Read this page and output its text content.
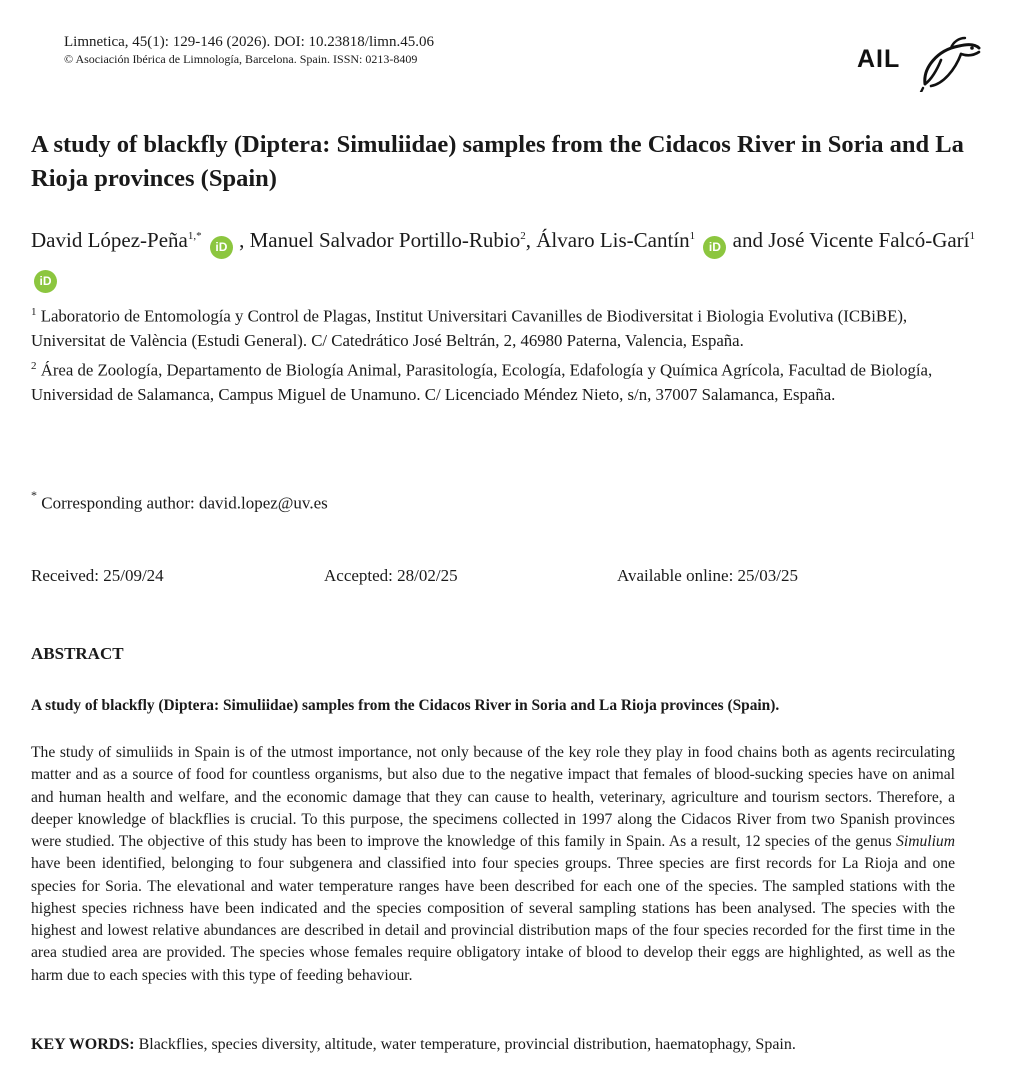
Limnetica, 45(1): 129-146 (2026). DOI: 10.23818/limn.45.06
© Asociación Ibérica de Limnología, Barcelona. Spain. ISSN: 0213-8409	AIL
A study of blackfly (Diptera: Simuliidae) samples from the Cidacos River in Soria and La Rioja provinces (Spain)
David López-Peña$^{1,*}$ iD , Manuel Salvador Portillo-Rubio$^2$, Álvaro Lis-Cantín$^1$ iD and José Vicente Falcó-Garí$^1$ iD

$^1$ Laboratorio de Entomología y Control de Plagas, Institut Universitari Cavanilles de Biodiversitat i Biologia Evolutiva (ICBiBE), Universitat de València (Estudi General). C/ Catedrático José Beltrán, 2, 46980 Paterna, Valencia, España.

$^2$ Área de Zoología, Departamento de Biología Animal, Parasitología, Ecología, Edafología y Química Agrícola, Facultad de Biología, Universidad de Salamanca, Campus Miguel de Unamuno. C/ Licenciado Méndez Nieto, s/n, 37007 Salamanca, España.

* Corresponding author: david.lopez@uv.es
Received: 25/09/24	Accepted: 28/02/25	Available online: 25/03/25
ABSTRACT
A study of blackfly (Diptera: Simuliidae) samples from the Cidacos River in Soria and La Rioja provinces (Spain).

The study of simuliids in Spain is of the utmost importance, not only because of the key role they play in food chains both as agents recirculating matter and as a source of food for countless organisms, but also due to the negative impact that females of blood-sucking species have on animal and human health and welfare, and the economic damage that they can cause to health, veterinary, agriculture and tourism sectors. Therefore, a deeper knowledge of blackflies is crucial. To this purpose, the specimens collected in 1997 along the Cidacos River from two Spanish provinces were studied. The objective of this study has been to improve the knowledge of this family in Spain. As a result, 12 species of the genus Simulium have been identified, belonging to four subgenera and classified into four species groups. Three species are first records for La Rioja and one species for Soria. The elevational and water temperature ranges have been described for each one of the species. The sampled stations with the highest species richness have been indicated and the species composition of several sampling stations has been analysed. The species with the highest and lowest relative abundances are described in detail and provincial distribution maps of the four species recorded for the first time in the area studied area are provided. The species whose females require obligatory intake of blood to develop their eggs are highlighted, as well as the harm due to each species with this type of feeding behaviour.

KEY WORDS: Blackflies, species diversity, altitude, water temperature, provincial distribution, haematophagy, Spain.
